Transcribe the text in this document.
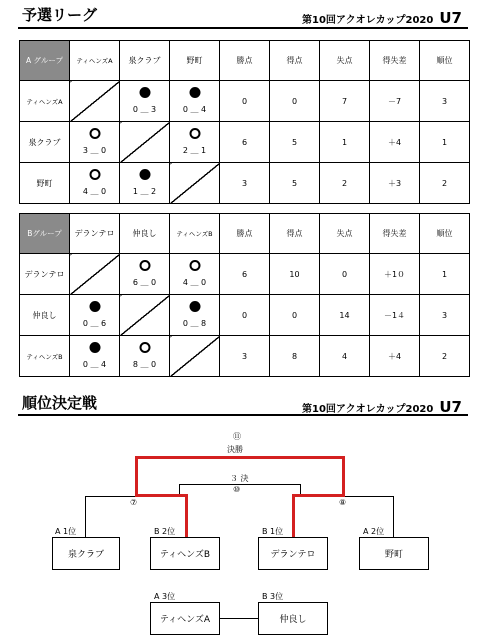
予選リーグ	第10回アクオレカップ2020 U7
A グループ	ティヘンズA	泉クラブ	野町	勝点	得点	失点	得失差	順位
ティヘンズA		0 ＿ 3	0 ＿ 4	0	0	7	－7	3
泉クラブ	3 ＿ 0		2 ＿ 1	6	5	1	＋4	1
野町	4 ＿ 0	1 ＿ 2		3	5	2	＋3	2
Bグループ	デランテロ	仲良し	ティヘンズB	勝点	得点	失点	得失差	順位
デランテロ		6 ＿ 0	4 ＿ 0	6	10	0	＋1０	1
仲良し	0 ＿ 6		0 ＿ 8	0	0	14	－1４	3
ティヘンズB	0 ＿ 4	8 ＿ 0		3	8	4	＋4	2
順位決定戦	第10回アクオレカップ2020 U7
⑪
決勝
３ 決
⑩
⑦	⑧
A 1位	B 2位	B 1位	A 2位
泉クラブ	ティヘンズB	デランテロ	野町
A 3位	B 3位
ティヘンズA	仲良し
